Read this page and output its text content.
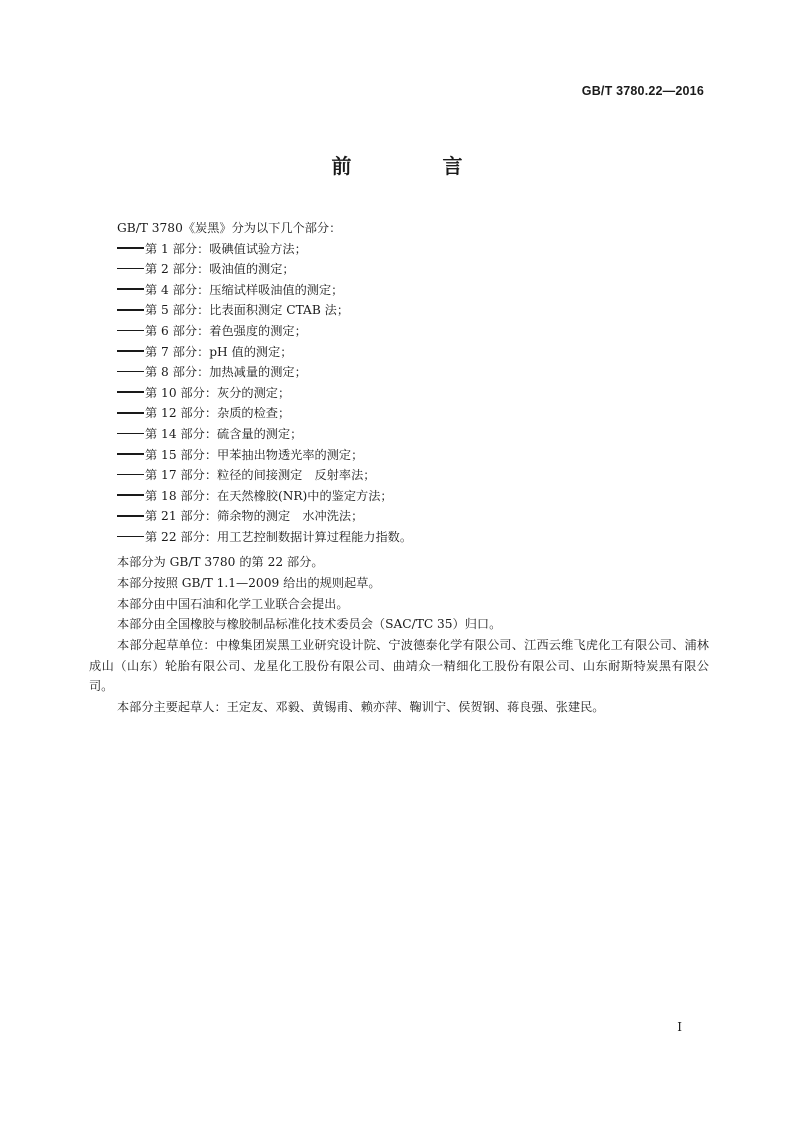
GB/T 3780.22—2016
前 言
GB/T 3780《炭黑》分为以下几个部分：
第 1 部分：吸碘值试验方法；
第 2 部分：吸油值的测定；
第 4 部分：压缩试样吸油值的测定；
第 5 部分：比表面积测定 CTAB 法；
第 6 部分：着色强度的测定；
第 7 部分：pH 值的测定；
第 8 部分：加热减量的测定；
第 10 部分：灰分的测定；
第 12 部分：杂质的检查；
第 14 部分：硫含量的测定；
第 15 部分：甲苯抽出物透光率的测定；
第 17 部分：粒径的间接测定　反射率法；
第 18 部分：在天然橡胶(NR)中的鉴定方法；
第 21 部分：筛余物的测定　水冲洗法；
第 22 部分：用工艺控制数据计算过程能力指数。
本部分为 GB/T 3780 的第 22 部分。
本部分按照 GB/T 1.1—2009 给出的规则起草。
本部分由中国石油和化学工业联合会提出。
本部分由全国橡胶与橡胶制品标准化技术委员会（SAC/TC 35）归口。
本部分起草单位：中橡集团炭黑工业研究设计院、宁波德泰化学有限公司、江西云维飞虎化工有限公司、浦林成山（山东）轮胎有限公司、龙星化工股份有限公司、曲靖众一精细化工股份有限公司、山东耐斯特炭黑有限公司。
本部分主要起草人：王定友、邓毅、黄锡甫、赖亦萍、鞠训宁、侯贺钢、蒋良强、张建民。
I
